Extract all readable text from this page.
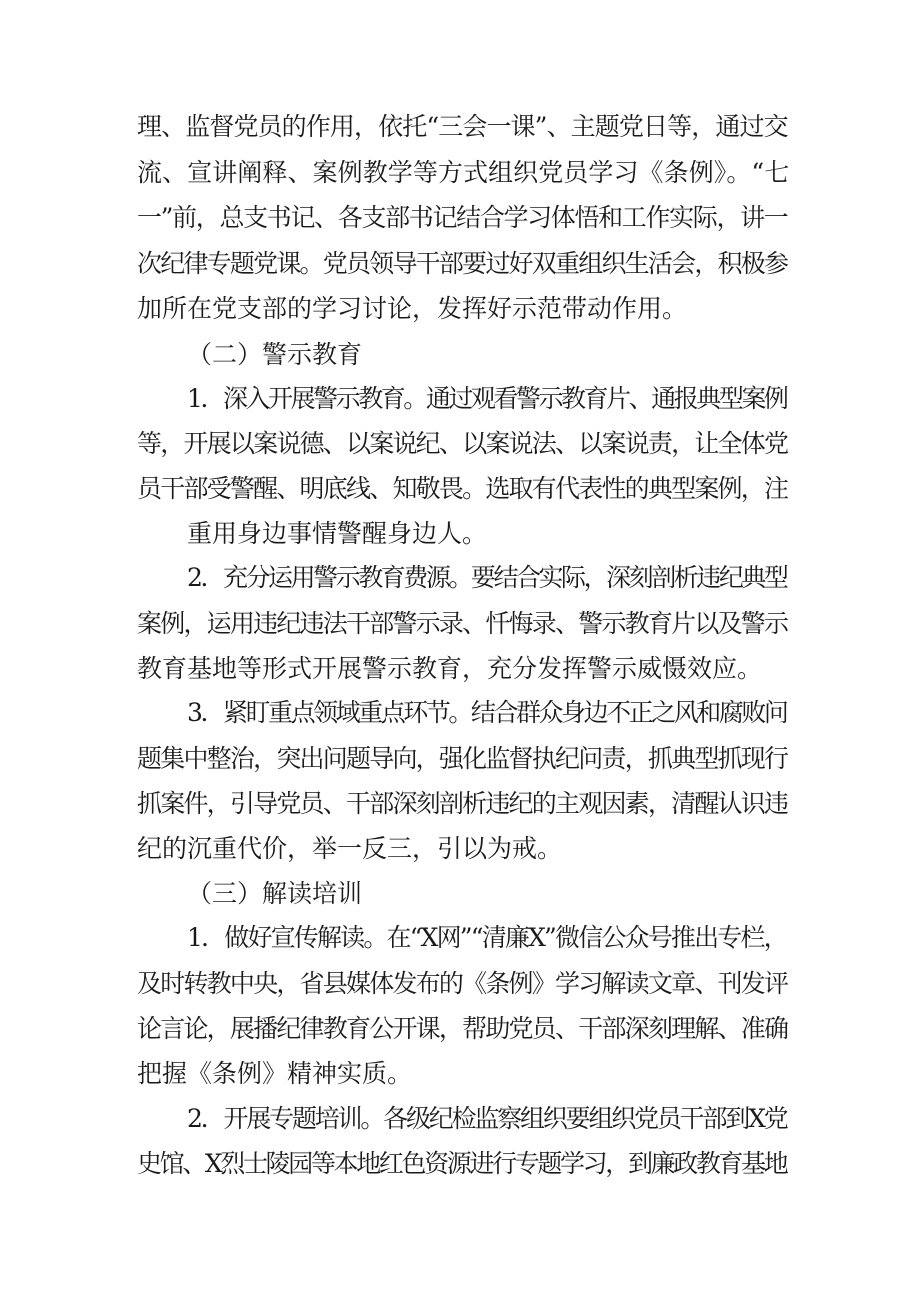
理、监督党员的作用，依托“三会一课”、主题党日等，通过交
流、宣讲阐释、案例教学等方式组织党员学习《条例》。“七
一”前，总支书记、各支部书记结合学习体悟和工作实际，讲一
次纪律专题党课。党员领导干部要过好双重组织生活会，积极参
加所在党支部的学习讨论，发挥好示范带动作用。
（二）警示教育
1．深入开展警示教育。通过观看警示教育片、通报典型案例
等，开展以案说德、以案说纪、以案说法、以案说责，让全体党
员干部受警醒、明底线、知敬畏。选取有代表性的典型案例，注
重用身边事情警醒身边人。
2．充分运用警示教育费源。要结合实际，深刻剖析违纪典型
案例，运用违纪违法干部警示录、忏悔录、警示教育片以及警示
教育基地等形式开展警示教育，充分发挥警示威慑效应。
3．紧盯重点领域重点环节。结合群众身边不正之风和腐败问
题集中整治，突出问题导向，强化监督执纪问责，抓典型抓现行
抓案件，引导党员、干部深刻剖析违纪的主观因素，清醒认识违
纪的沉重代价，举一反三，引以为戒。
（三）解读培训
1．做好宣传解读。在“X网”“清廉X”微信公众号推出专栏，
及时转教中央，省县媒体发布的《条例》学习解读文章、刊发评
论言论，展播纪律教育公开课，帮助党员、干部深刻理解、准确
把握《条例》精神实质。
2．开展专题培训。各级纪检监察组织要组织党员干部到X党
史馆、X烈士陵园等本地红色资源进行专题学习，到廉政教育基地
